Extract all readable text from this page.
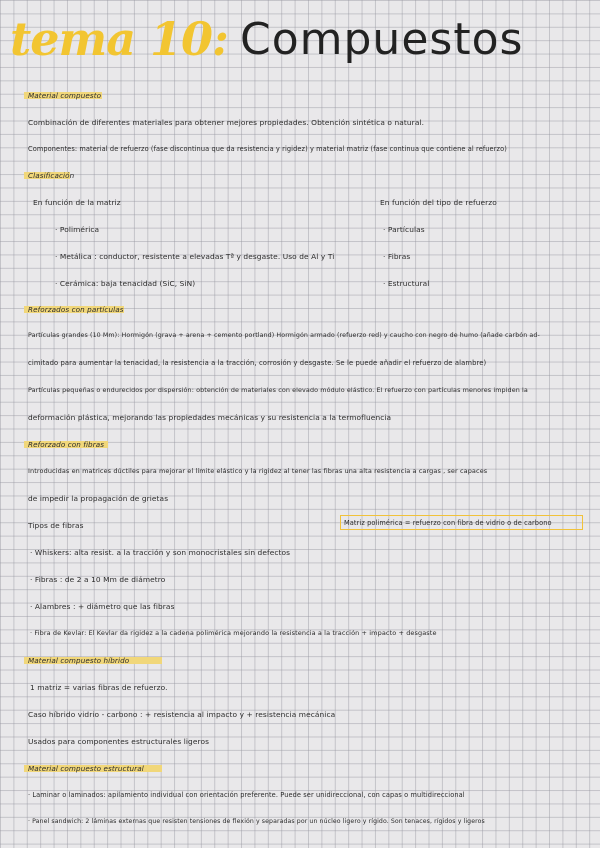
tema 10: Compuestos
Material compuesto
Combinación de diferentes materiales para obtener mejores propiedades. Obtención sintética o natural.
Componentes: material de refuerzo (fase discontinua que da resistencia y rigidez) y material matriz (fase continua que contiene al refuerzo)
Clasificación
En función de la matriz
· Polimérica
· Metálica : conductor, resistente a elevadas Tª y desgaste. Uso de Al y Ti
· Cerámica: baja tenacidad (SiC, SiN)
En función del tipo de refuerzo
· Partículas
· Fibras
· Estructural
Reforzados con partículas
Partículas grandes (10 Mm): Hormigón (grava + arena + cemento portland) Hormigón armado (refuerzo red) y caucho con negro de humo (añade carbón ad-
cimitado para aumentar la tenacidad, la resistencia a la tracción, corrosión y desgaste. Se le puede añadir el refuerzo de alambre)
Partículas pequeñas o endurecidos por dispersión: obtención de materiales con elevado módulo elástico. El refuerzo con partículas menores impiden la
deformación plástica, mejorando las propiedades mecánicas y su resistencia a la termofluencia
Reforzado con fibras
Introducidas en matrices dúctiles para mejorar el límite elástico y la rigidez al tener las fibras una alta resistencia a cargas , ser capaces
de impedir la propagación de grietas
Tipos de fibras	Matriz polimérica = refuerzo con fibra de vidrio o de carbono
· Whiskers: alta resist. a la tracción y son monocristales sin defectos
· Fibras : de 2 a 10 Mm de diámetro
· Alambres : + diámetro que las fibras
· Fibra de Kevlar: El Kevlar da rigidez a la cadena polimérica mejorando la resistencia a la tracción + impacto + desgaste
Material compuesto híbrido
1 matriz = varias fibras de refuerzo.
Caso híbrido vidrio - carbono : + resistencia al impacto y + resistencia mecánica
Usados para componentes estructurales ligeros
Material compuesto estructural
· Laminar o laminados: apilamiento individual con orientación preferente. Puede ser unidireccional, con capas o multidireccional
· Panel sandwich: 2 láminas externas que resisten tensiones de flexión y separadas por un núcleo ligero y rígido. Son tenaces, rígidos y ligeros
